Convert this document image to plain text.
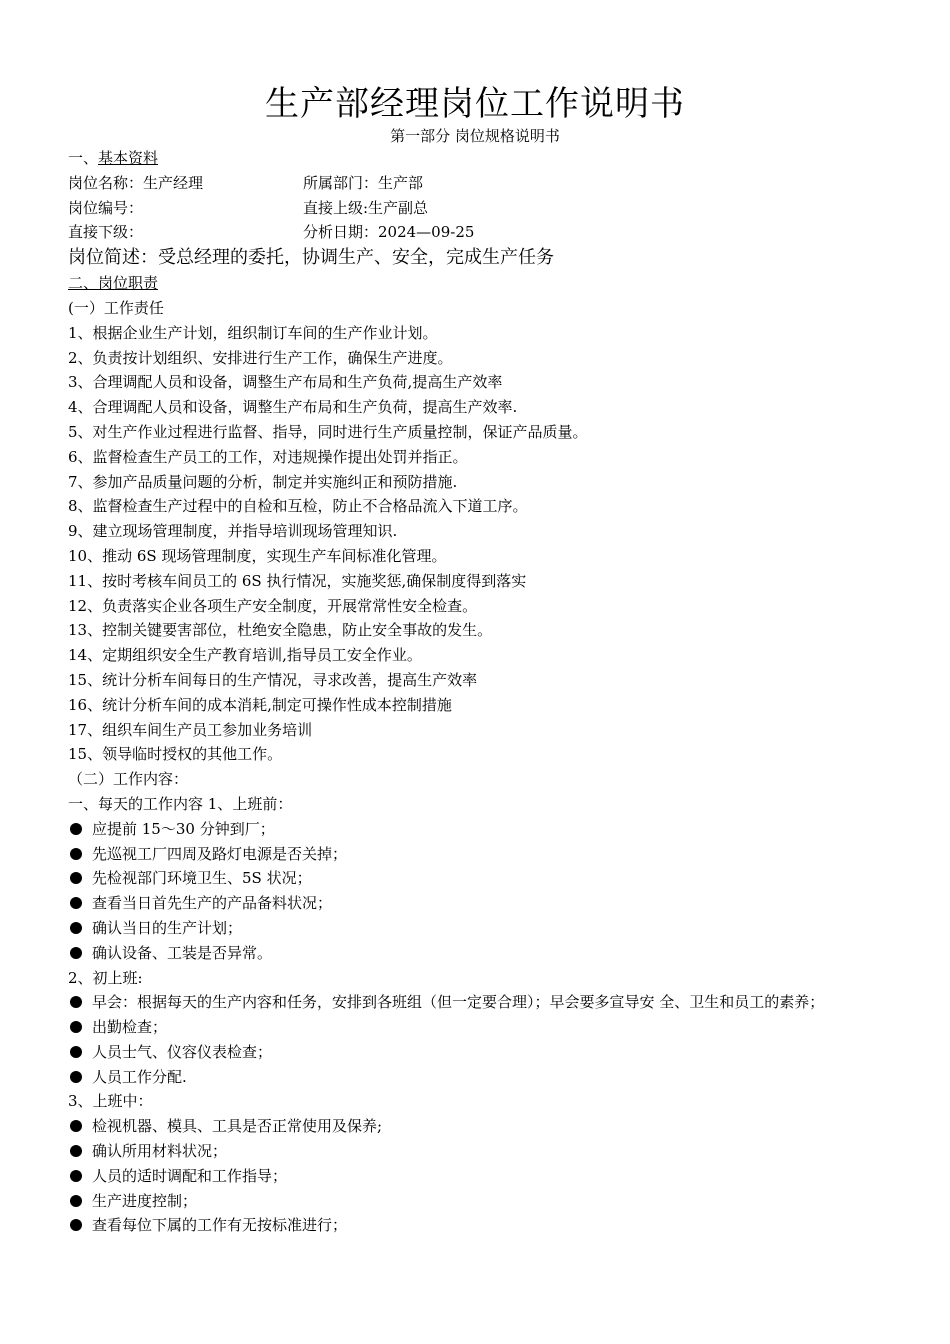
生产部经理岗位工作说明书
第一部分 岗位规格说明书
一、基本资料
岗位名称：生产经理	所属部门：生产部
岗位编号：	直接上级:生产副总
直接下级：	分析日期：2024—09-25
岗位简述：受总经理的委托，协调生产、安全，完成生产任务
二、岗位职责
(一）工作责任
1、根据企业生产计划，组织制订车间的生产作业计划。
2、负责按计划组织、安排进行生产工作，确保生产进度。
3、合理调配人员和设备，调整生产布局和生产负荷,提高生产效率
4、合理调配人员和设备，调整生产布局和生产负荷，提高生产效率.
5、对生产作业过程进行监督、指导，同时进行生产质量控制，保证产品质量。
6、监督检查生产员工的工作，对违规操作提出处罚并指正。
7、参加产品质量问题的分析，制定并实施纠正和预防措施.
8、监督检查生产过程中的自检和互检，防止不合格品流入下道工序。
9、建立现场管理制度，并指导培训现场管理知识.
10、推动 6S 现场管理制度，实现生产车间标准化管理。
11、按时考核车间员工的 6S 执行情况，实施奖惩,确保制度得到落实
12、负责落实企业各项生产安全制度，开展常常性安全检查。
13、控制关键要害部位，杜绝安全隐患，防止安全事故的发生。
14、定期组织安全生产教育培训,指导员工安全作业。
15、统计分析车间每日的生产情况，寻求改善，提高生产效率
16、统计分析车间的成本消耗,制定可操作性成本控制措施
17、组织车间生产员工参加业务培训
15、领导临时授权的其他工作。
（二）工作内容：
一、每天的工作内容 1、上班前：
应提前 15～30 分钟到厂；
先巡视工厂四周及路灯电源是否关掉；
先检视部门环境卫生、5S 状况；
查看当日首先生产的产品备料状况；
确认当日的生产计划；
确认设备、工装是否异常。
2、初上班:
早会：根据每天的生产内容和任务，安排到各班组（但一定要合理）；早会要多宣导安 全、卫生和员工的素养；
出勤检查；
人员士气、仪容仪表检查；
人员工作分配.
3、上班中：
检视机器、模具、工具是否正常使用及保养;
确认所用材料状况；
人员的适时调配和工作指导；
生产进度控制；
查看每位下属的工作有无按标准进行；
